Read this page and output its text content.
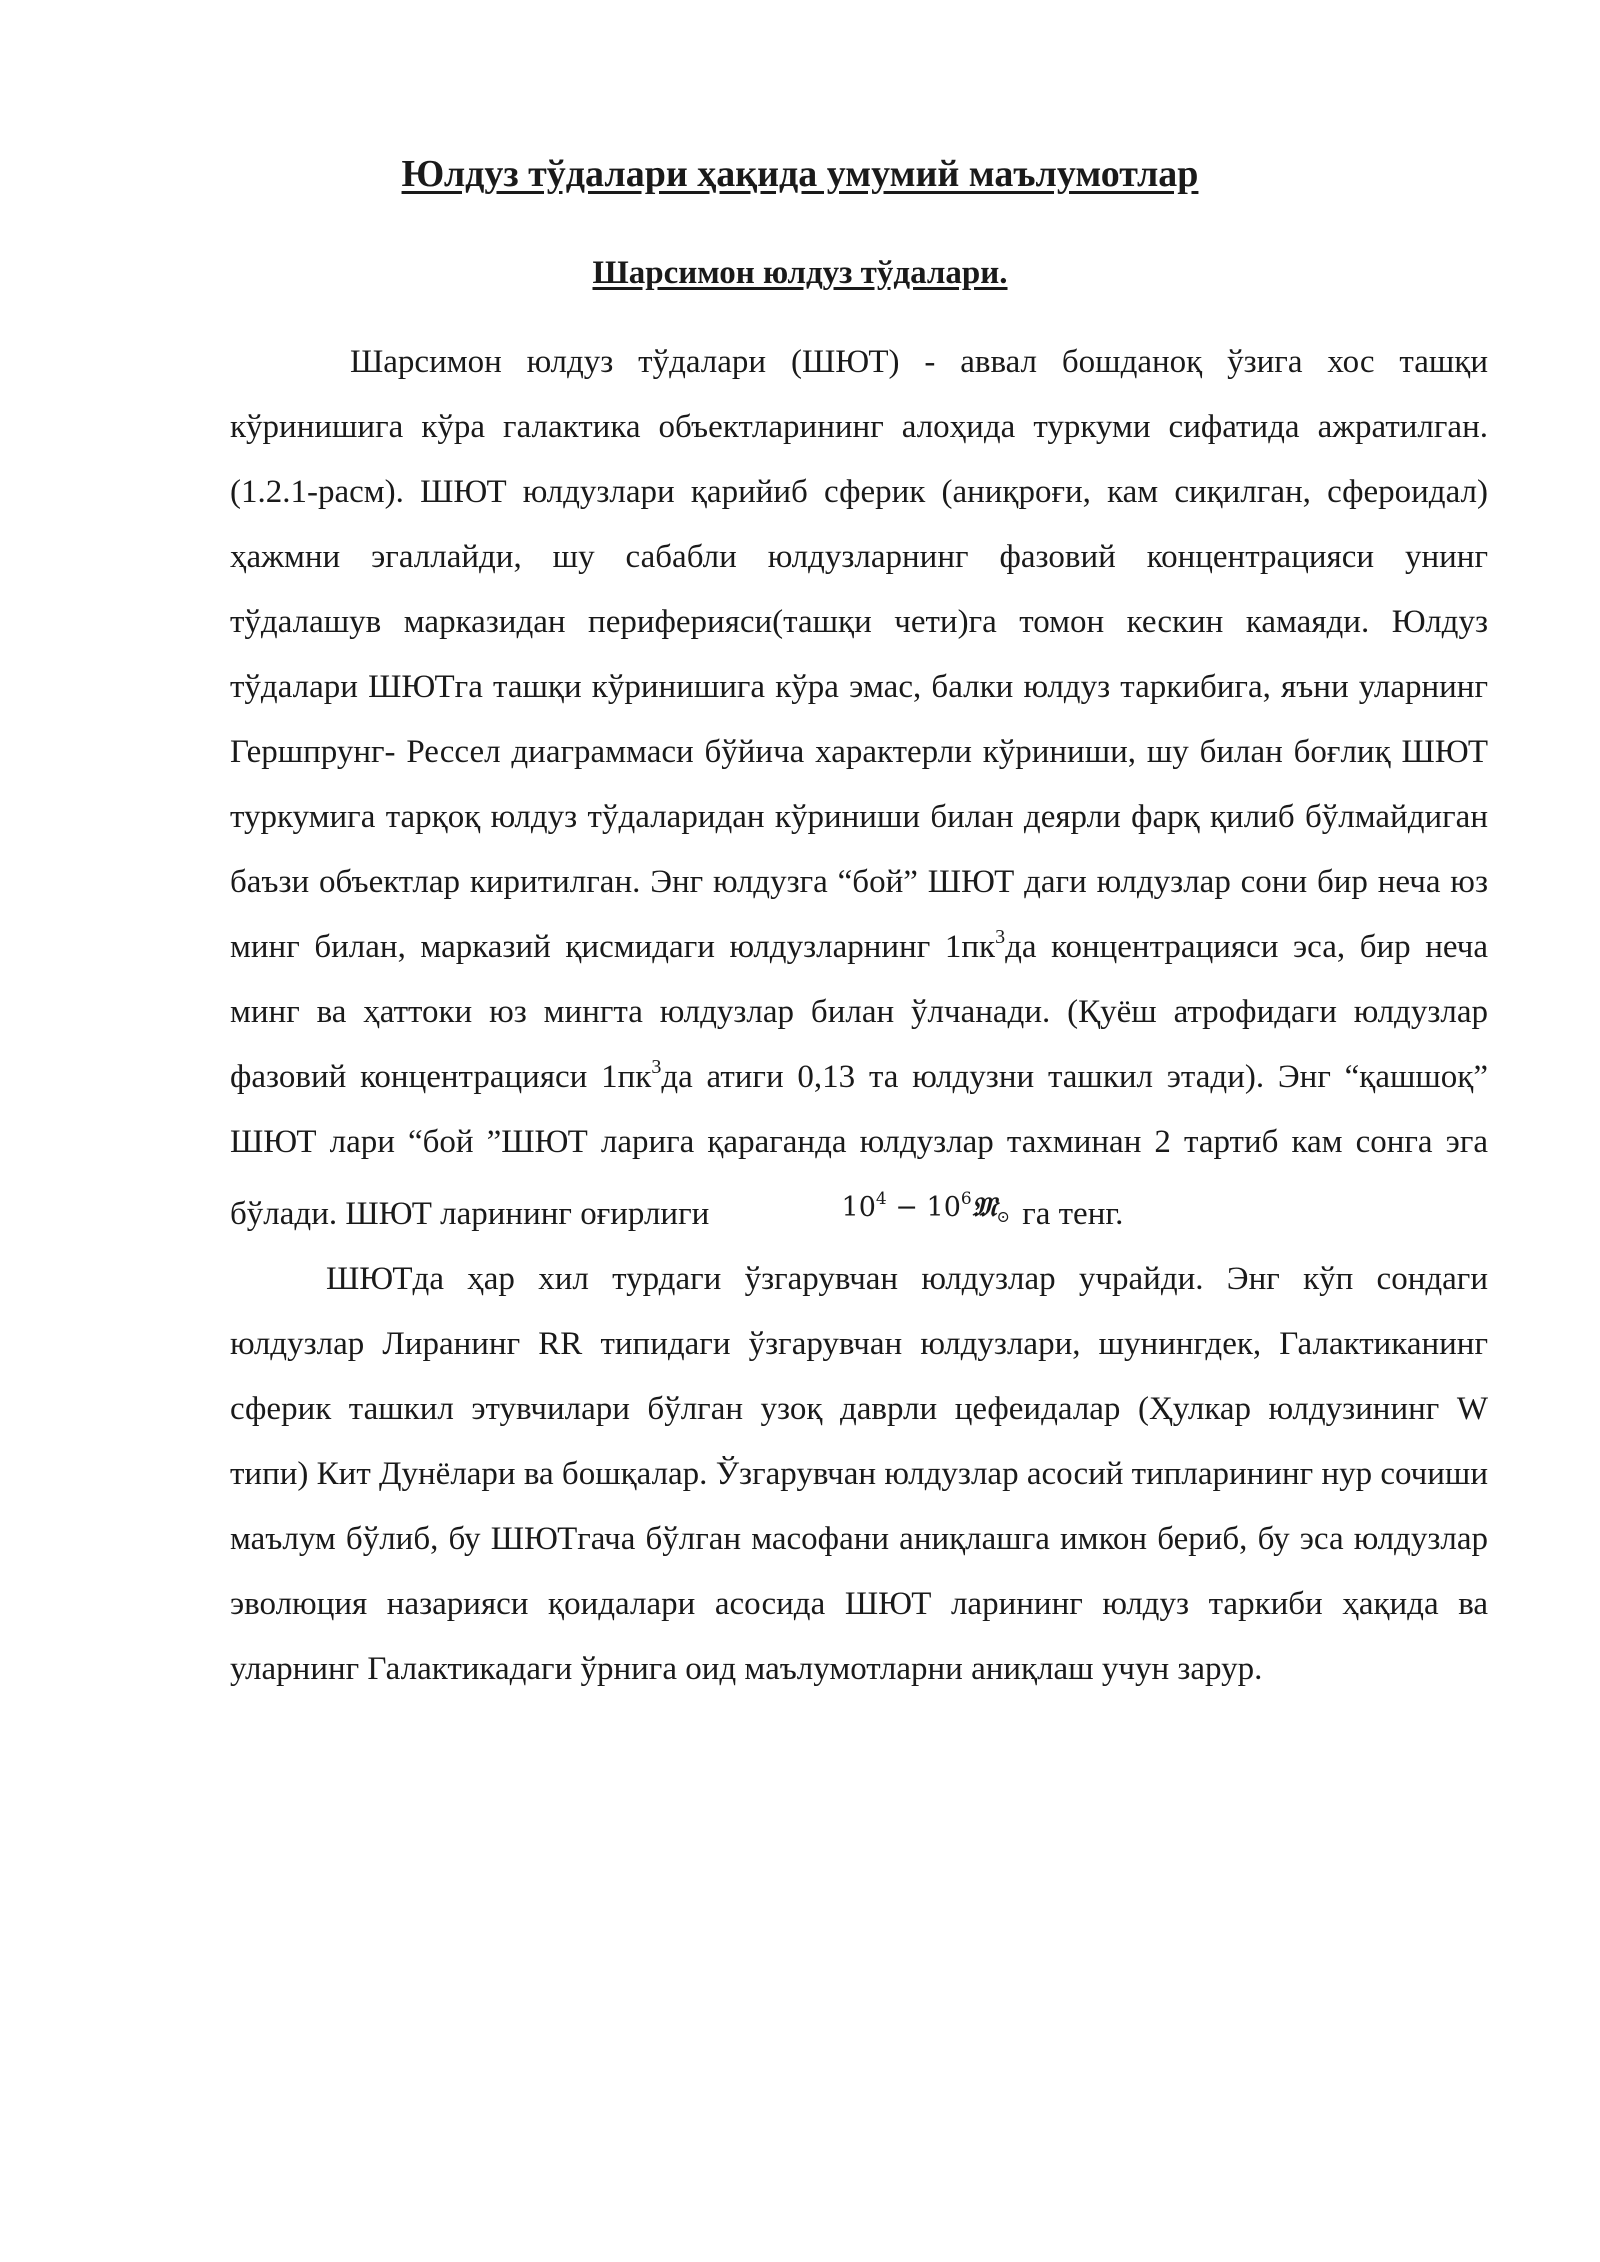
Юлдуз тўдалари ҳақида умумий маълумотлар
Шарсимон юлдуз тўдалари.

Шарсимон юлдуз тўдалари (ШЮТ) - аввал бошданоқ ўзига хос ташқи кўринишига кўра галактика объектларининг алоҳида туркуми сифатида ажратилган. (1.2.1-расм). ШЮТ юлдузлари қарийиб сферик (аниқроғи, кам сиқилган, сфероидал) ҳажмни эгаллайди, шу сабабли юлдузларнинг фазовий концентрацияси унинг тўдалашув марказидан периферияси(ташқи чети)га томон кескин камаяди. Юлдуз тўдалари ШЮТга ташқи кўринишига кўра эмас, балки юлдуз таркибига, яъни уларнинг Гершпрунг- Рессел диаграммаси бўйича характерли кўриниши, шу билан боғлиқ ШЮТ туркумига тарқоқ юлдуз тўдаларидан кўриниши билан деярли фарқ қилиб бўлмайдиган баъзи объектлар киритилган. Энг юлдузга “бой” ШЮТ даги юлдузлар сони бир неча юз минг билан, марказий қисмидаги юлдузларнинг $1пк^3да$ концентрацияси эса, бир неча минг ва ҳаттоки юз мингта юлдузлар билан ўлчанади. (Қуёш атрофидаги юлдузлар фазовий концентрацияси $1пк^3да$ атиги 0,13 та юлдузни ташкил этади). Энг “қашшоқ” ШЮТ лари “бой ”ШЮТ ларига қараганда юлдузлар тахминан 2 тартиб кам сонга эга бўлади. ШЮТ ларининг оғирлиги	$10^4$ − $10^6𝔐_⊙$ га тенг.

ШЮТда ҳар хил турдаги ўзгарувчан юлдузлар учрайди. Энг кўп сондаги юлдузлар Лиранинг RR типидаги ўзгарувчан юлдузлари, шунингдек, Галактиканинг сферик ташкил этувчилари бўлган узоқ даврли цефеидалар (Ҳулкар юлдузининг W типи) Кит Дунёлари ва бошқалар. Ўзгарувчан юлдузлар асосий типларининг нур сочиши маълум бўлиб, бу ШЮТгача бўлган масофани аниқлашга имкон бериб, бу эса юлдузлар эволюция назарияси қоидалари асосида ШЮТ ларининг юлдуз таркиби ҳақида ва уларнинг Галактикадаги ўрнига оид маълумотларни аниқлаш учун зарур.
